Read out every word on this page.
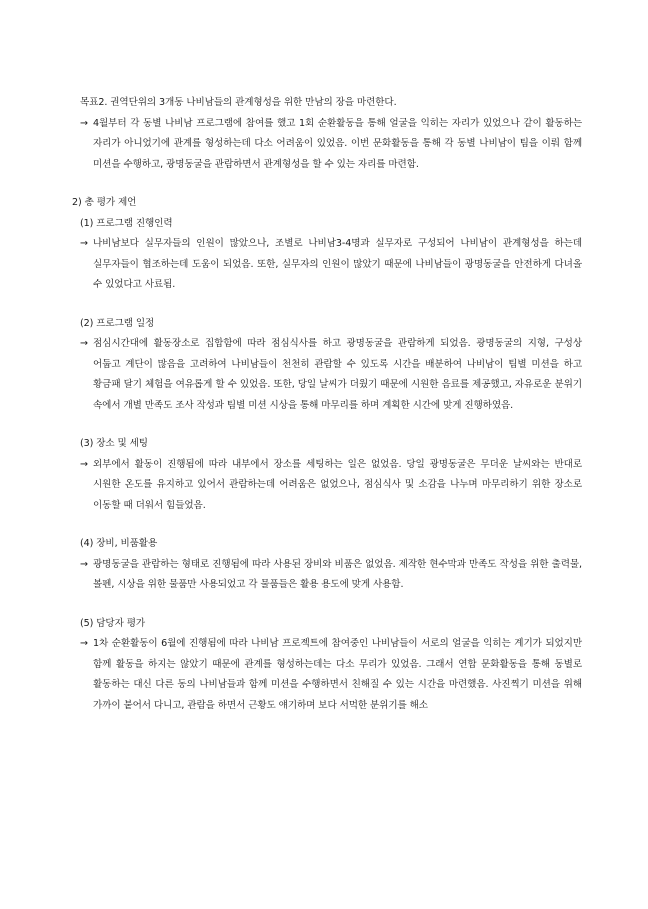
목표2. 권역단위의 3개동 나비남들의 관계형성을 위한 만남의 장을 마련한다.

→ 4월부터 각 동별 나비남 프로그램에 참여를 했고 1회 순환활동을 통해 얼굴을 익히는 자리가 있었으나 같이 활동하는 자리가 아니었기에 관계를 형성하는데 다소 어려움이 있었음. 이번 문화활동을 통해 각 동별 나비남이 팀을 이뤄 함께 미션을 수행하고, 광명동굴을 관람하면서 관계형성을 할 수 있는 자리를 마련함.

2) 총 평가 제언

(1) 프로그램 진행인력

→ 나비남보다 실무자들의 인원이 많았으나, 조별로 나비남3-4명과 실무자로 구성되어 나비남이 관계형성을 하는데 실무자들이 협조하는데 도움이 되었음. 또한, 실무자의 인원이 많았기 때문에 나비남들이 광명동굴을 안전하게 다녀올 수 있었다고 사료됨.

(2) 프로그램 일정

→ 점심시간대에 활동장소로 집합함에 따라 점심식사를 하고 광명동굴을 관람하게 되었음. 광명동굴의 지형, 구성상 어둡고 계단이 많음을 고려하여 나비남들이 천천히 관람할 수 있도록 시간을 배분하여 나비남이 팀별 미션을 하고 황금패 달기 체험을 여유롭게 할 수 있었음. 또한, 당일 날씨가 더웠기 때문에 시원한 음료를 제공했고, 자유로운 분위기 속에서 개별 만족도 조사 작성과 팀별 미션 시상을 통해 마무리를 하며 계획한 시간에 맞게 진행하였음.

(3) 장소 및 세팅

→ 외부에서 활동이 진행됨에 따라 내부에서 장소를 세팅하는 일은 없었음. 당일 광명동굴은 무더운 날씨와는 반대로 시원한 온도를 유지하고 있어서 관람하는데 어려움은 없었으나, 점심식사 및 소감을 나누며 마무리하기 위한 장소로 이동할 때 더워서 힘들었음.

(4) 장비, 비품활용

→ 광명동굴을 관람하는 형태로 진행됨에 따라 사용된 장비와 비품은 없었음. 제작한 현수막과 만족도 작성을 위한 출력물, 볼펜, 시상을 위한 물품만 사용되었고 각 물품들은 활용 용도에 맞게 사용함.

(5) 담당자 평가

→ 1차 순환활동이 6월에 진행됨에 따라 나비남 프로젝트에 참여중인 나비남들이 서로의 얼굴을 익히는 계기가 되었지만 함께 활동을 하지는 않았기 때문에 관계를 형성하는데는 다소 무리가 있었음. 그래서 연합 문화활동을 통해 동별로 활동하는 대신 다른 동의 나비남들과 함께 미션을 수행하면서 친해질 수 있는 시간을 마련했음. 사진찍기 미션을 위해 가까이 붙어서 다니고, 관람을 하면서 근황도 얘기하며 보다 서먹한 분위기를 해소
